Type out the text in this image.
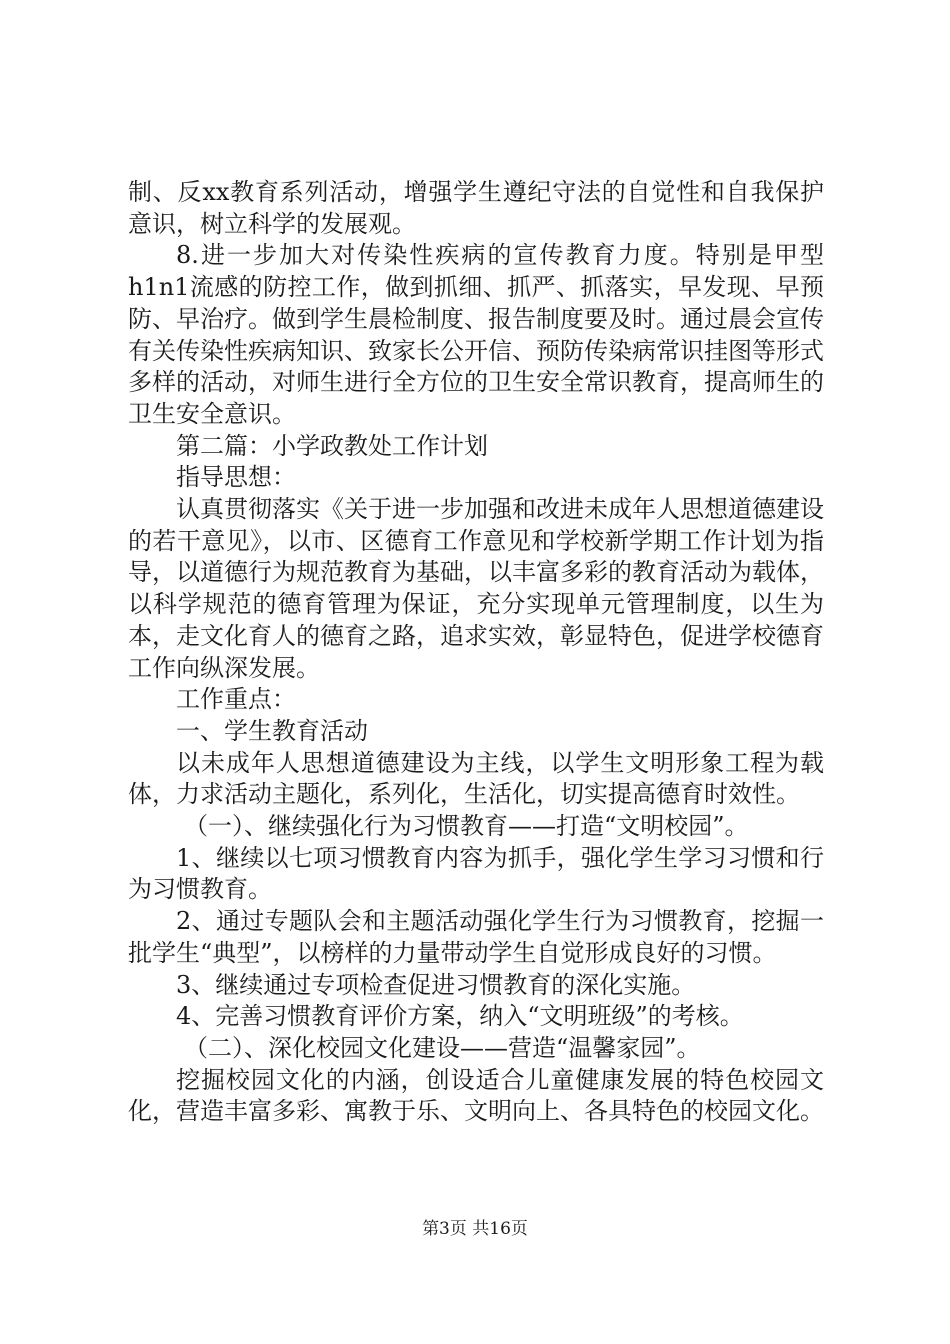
制、反xx教育系列活动，增强学生遵纪守法的自觉性和自我保护意识，树立科学的发展观。

8.进一步加大对传染性疾病的宣传教育力度。特别是甲型h1n1流感的防控工作，做到抓细、抓严、抓落实，早发现、早预防、早治疗。做到学生晨检制度、报告制度要及时。通过晨会宣传有关传染性疾病知识、致家长公开信、预防传染病常识挂图等形式多样的活动，对师生进行全方位的卫生安全常识教育，提高师生的卫生安全意识。

第二篇：小学政教处工作计划

指导思想：

认真贯彻落实《关于进一步加强和改进未成年人思想道德建设的若干意见》，以市、区德育工作意见和学校新学期工作计划为指导，以道德行为规范教育为基础，以丰富多彩的教育活动为载体，以科学规范的德育管理为保证，充分实现单元管理制度，以生为本，走文化育人的德育之路，追求实效，彰显特色，促进学校德育工作向纵深发展。

工作重点：

一、学生教育活动

以未成年人思想道德建设为主线，以学生文明形象工程为载体，力求活动主题化，系列化，生活化，切实提高德育时效性。

（一）、继续强化行为习惯教育——打造“文明校园”。

1、继续以七项习惯教育内容为抓手，强化学生学习习惯和行为习惯教育。

2、通过专题队会和主题活动强化学生行为习惯教育，挖掘一批学生“典型”，以榜样的力量带动学生自觉形成良好的习惯。

3、继续通过专项检查促进习惯教育的深化实施。

4、完善习惯教育评价方案，纳入“文明班级”的考核。

（二）、深化校园文化建设——营造“温馨家园”。

挖掘校园文化的内涵，创设适合儿童健康发展的特色校园文化，营造丰富多彩、寓教于乐、文明向上、各具特色的校园文化。

第3页 共16页
